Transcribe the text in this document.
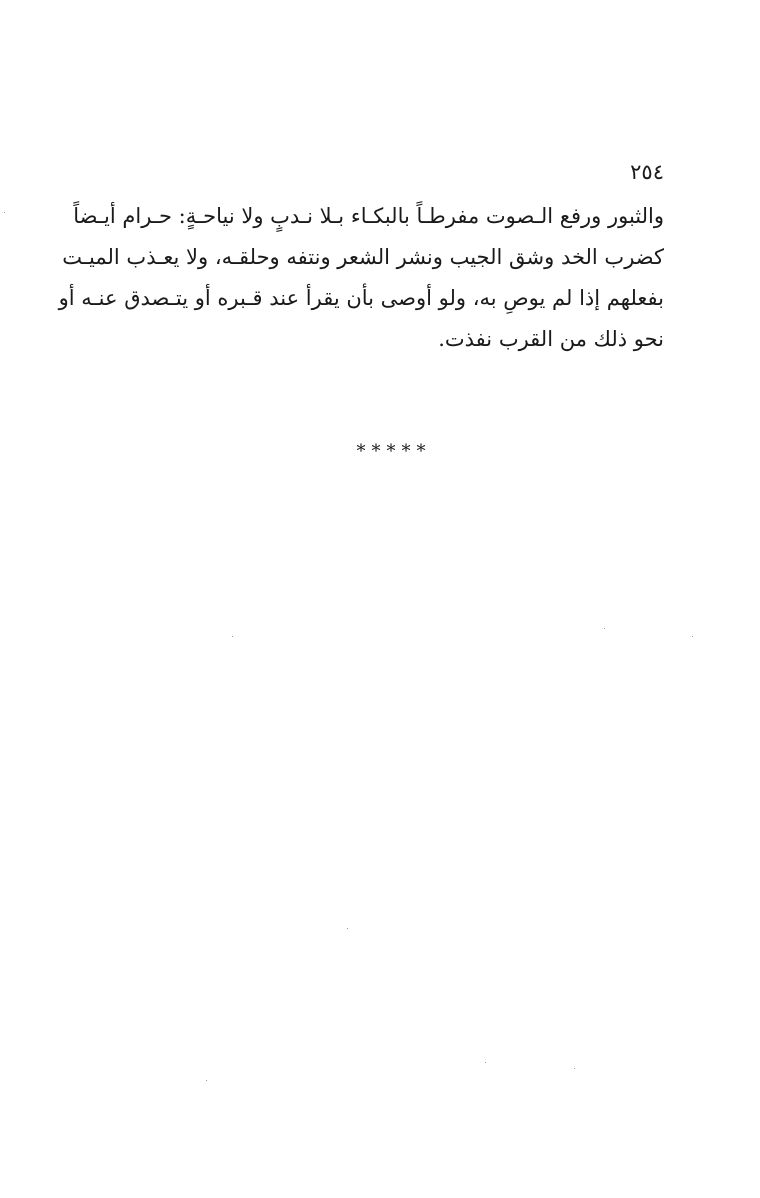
٢٥٤
والثبور ورفع الـصوت مفرطـاً بالبكـاء بـلا نـدبٍ ولا نياحـةٍ: حـرام أيـضاً
كضرب الخد وشق الجيب ونشر الشعر ونتفه وحلقـه، ولا يعـذب الميـت
بفعلهم إذا لم يوصِ به، ولو أوصى بأن يقرأ عند قـبره أو يتـصدق عنـه أو
نحو ذلك من القرب نفذت.
*****
